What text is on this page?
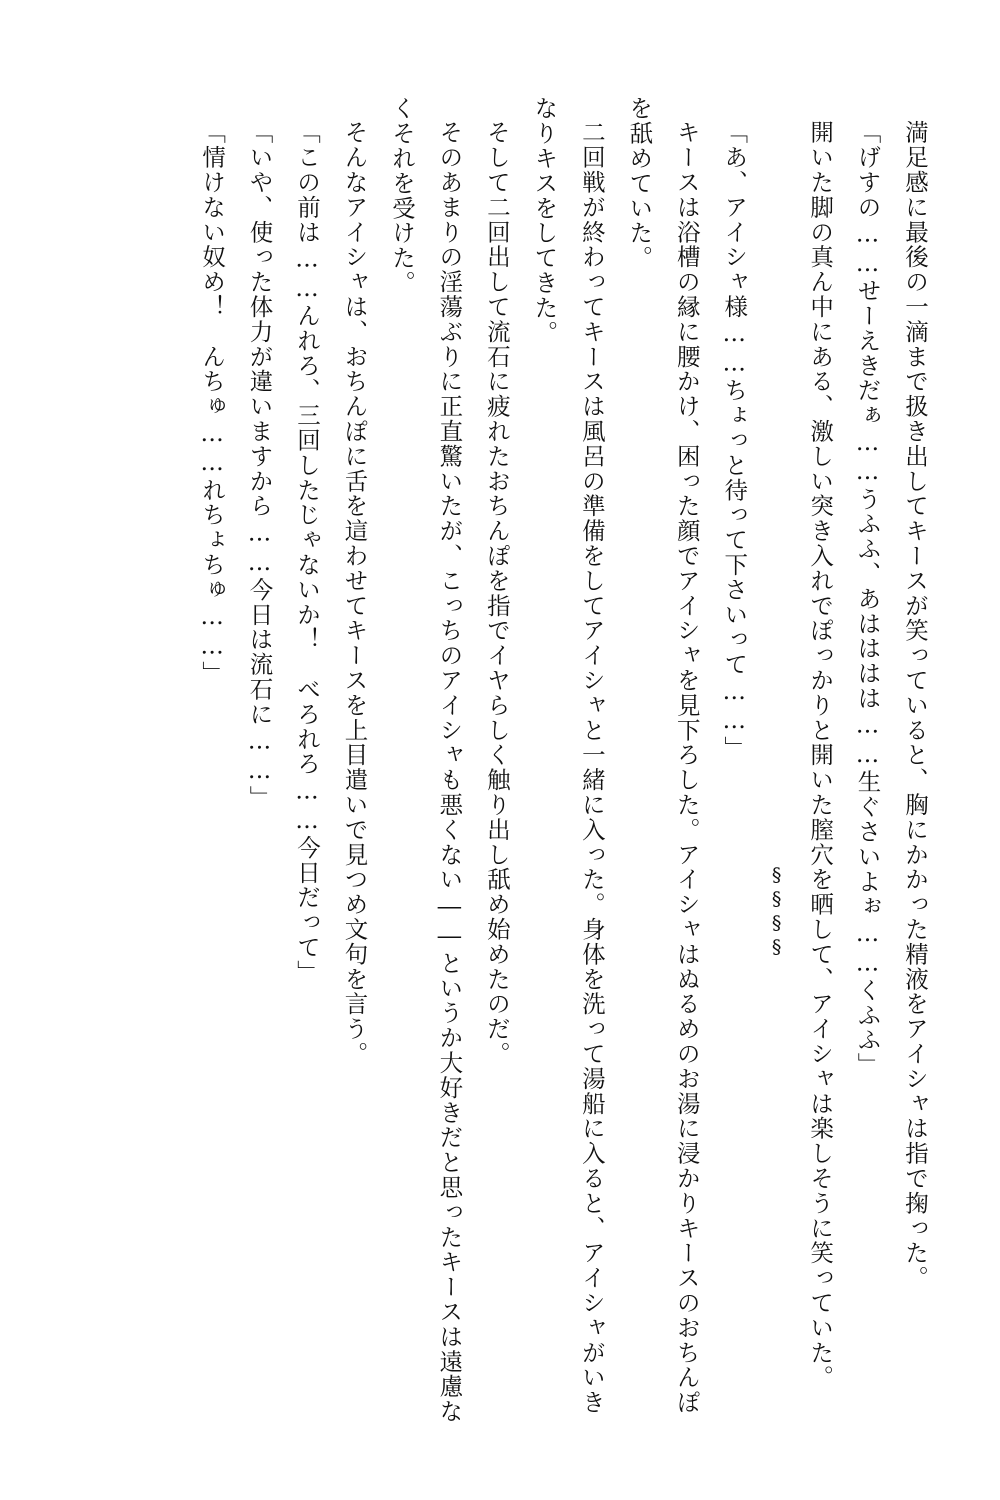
満足感に最後の一滴まで扱き出してキースが笑っていると、胸にかかった精液をアイシャは指で掬った。

「げすの……せーえきだぁ……うふふ、あはははは……生ぐさいよぉ……くふふ」

開いた脚の真ん中にある、激しい突き入れでぽっかりと開いた膣穴を晒して、アイシャは楽しそうに笑っていた。

§§§§

「あ、アイシャ様……ちょっと待って下さいって……」

キースは浴槽の縁に腰かけ、困った顔でアイシャを見下ろした。アイシャはぬるめのお湯に浸かりキースのおちんぽを舐めていた。

二回戦が終わってキースは風呂の準備をしてアイシャと一緒に入った。身体を洗って湯船に入ると、アイシャがいきなりキスをしてきた。

そして二回出して流石に疲れたおちんぽを指でイヤらしく触り出し舐め始めたのだ。

そのあまりの淫蕩ぶりに正直驚いたが、こっちのアイシャも悪くない――というか大好きだと思ったキースは遠慮なくそれを受けた。

そんなアイシャは、おちんぽに舌を這わせてキースを上目遣いで見つめ文句を言う。

「この前は……んれろ、三回したじゃないか！　べろれろ……今日だって」

「いや、使った体力が違いますから……今日は流石に……」

「情けない奴め！　んちゅ……れちょちゅ……」
